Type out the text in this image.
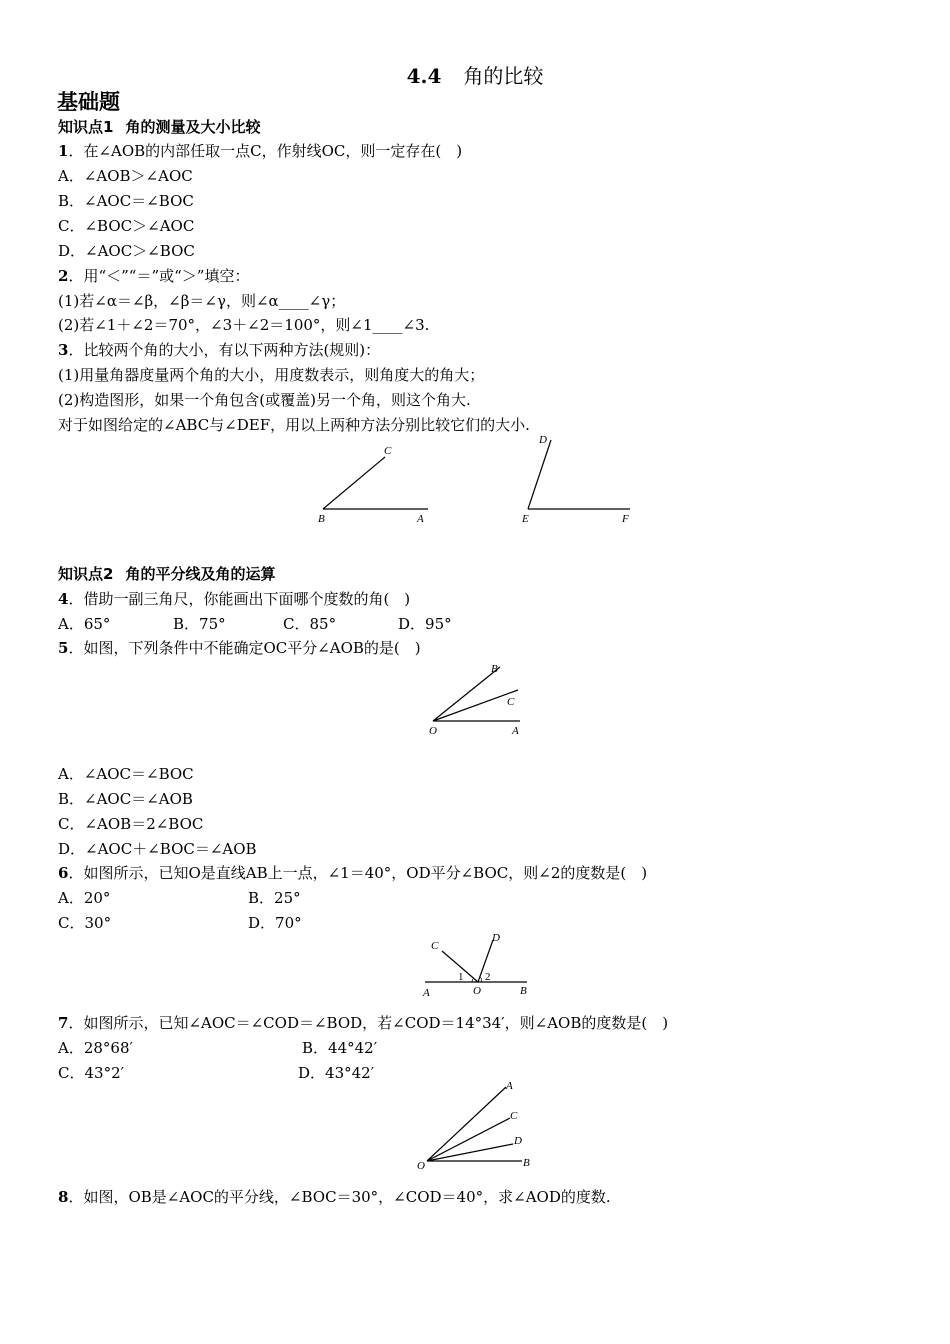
4.4 角的比较
基础题
知识点1 角的测量及大小比较
1．在∠AOB的内部任取一点C，作射线OC，则一定存在(　)
A．∠AOB＞∠AOC
B．∠AOC＝∠BOC
C．∠BOC＞∠AOC
D．∠AOC＞∠BOC
2．用“＜”“＝”或“＞”填空：
(1)若∠α＝∠β，∠β＝∠γ，则∠α____∠γ；
(2)若∠1＋∠2＝70°，∠3＋∠2＝100°，则∠1____∠3.
3．比较两个角的大小，有以下两种方法(规则)：
(1)用量角器度量两个角的大小，用度数表示，则角度大的角大；
(2)构造图形，如果一个角包含(或覆盖)另一个角，则这个角大.
对于如图给定的∠ABC与∠DEF，用以上两种方法分别比较它们的大小.
C
B	A
D
E	F
知识点2 角的平分线及角的运算
4．借助一副三角尺，你能画出下面哪个度数的角(　)
A．65°	B．75°	C．85°	D．95°
5．如图，下列条件中不能确定OC平分∠AOB的是(　)
B
C
O	A
A．∠AOC＝∠BOC
B．∠AOC＝∠AOB
C．∠AOB＝2∠BOC
D．∠AOC＋∠BOC＝∠AOB
6．如图所示，已知O是直线AB上一点，∠1＝40°，OD平分∠BOC，则∠2的度数是(　)
A．20°	B．25°
C．30°	D．70°
C
D
1 2
A	O	B
7．如图所示，已知∠AOC＝∠COD＝∠BOD，若∠COD＝14°34′，则∠AOB的度数是(　)
A．28°68′	B．44°42′
C．43°2′	D．43°42′
A
C
D
B
O
8．如图，OB是∠AOC的平分线，∠BOC＝30°，∠COD＝40°，求∠AOD的度数.
